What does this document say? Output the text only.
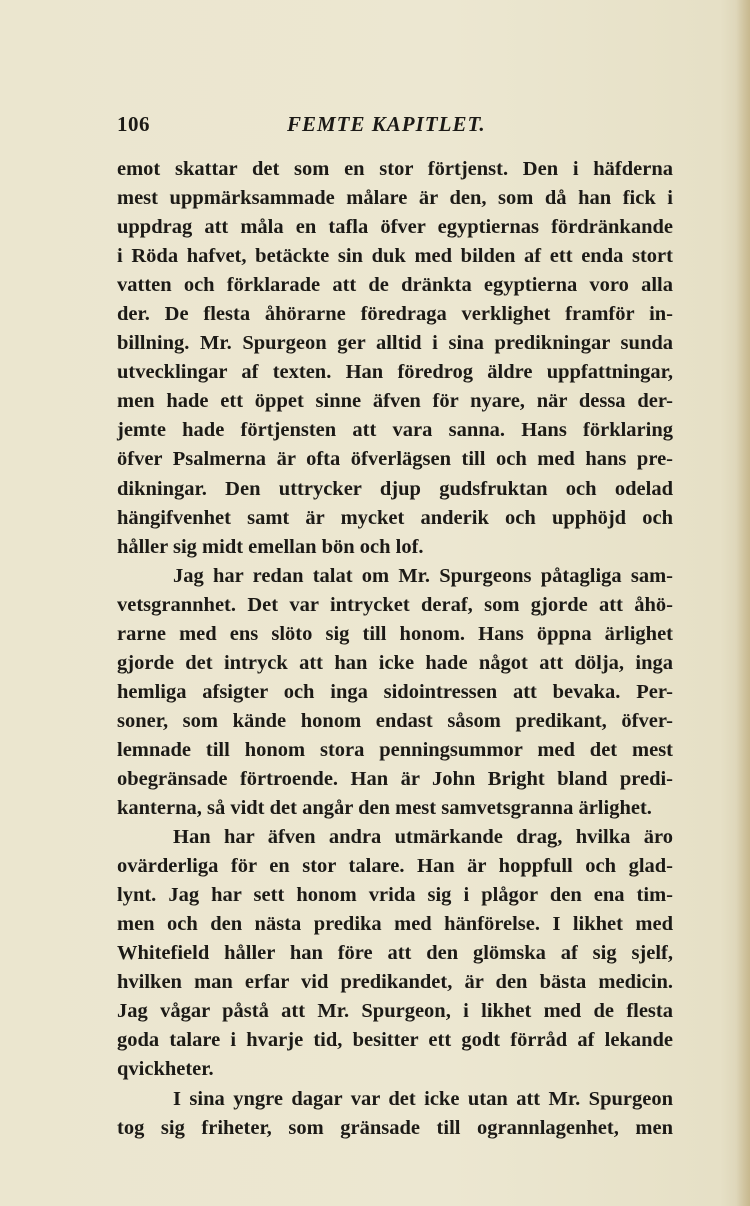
106	FEMTE KAPITLET.
emot skattar det som en stor förtjenst. Den i häfderna
mest uppmärksammade målare är den, som då han fick i
uppdrag att måla en tafla öfver egyptiernas fördränkande
i Röda hafvet, betäckte sin duk med bilden af ett enda stort
vatten och förklarade att de dränkta egyptierna voro alla
der. De flesta åhörarne föredraga verklighet framför in-
billning. Mr. Spurgeon ger alltid i sina predikningar sunda
utvecklingar af texten. Han föredrog äldre uppfattningar,
men hade ett öppet sinne äfven för nyare, när dessa der-
jemte hade förtjensten att vara sanna. Hans förklaring
öfver Psalmerna är ofta öfverlägsen till och med hans pre-
dikningar. Den uttrycker djup gudsfruktan och odelad
hängifvenhet samt är mycket anderik och upphöjd och
håller sig midt emellan bön och lof.
Jag har redan talat om Mr. Spurgeons påtagliga sam-
vetsgrannhet. Det var intrycket deraf, som gjorde att åhö-
rarne med ens slöto sig till honom. Hans öppna ärlighet
gjorde det intryck att han icke hade något att dölja, inga
hemliga afsigter och inga sidointressen att bevaka. Per-
soner, som kände honom endast såsom predikant, öfver-
lemnade till honom stora penningsummor med det mest
obegränsade förtroende. Han är John Bright bland predi-
kanterna, så vidt det angår den mest samvetsgranna ärlighet.
Han har äfven andra utmärkande drag, hvilka äro
ovärderliga för en stor talare. Han är hoppfull och glad-
lynt. Jag har sett honom vrida sig i plågor den ena tim-
men och den nästa predika med hänförelse. I likhet med
Whitefield håller han före att den glömska af sig sjelf,
hvilken man erfar vid predikandet, är den bästa medicin.
Jag vågar påstå att Mr. Spurgeon, i likhet med de flesta
goda talare i hvarje tid, besitter ett godt förråd af lekande
qvickheter.
I sina yngre dagar var det icke utan att Mr. Spurgeon
tog sig friheter, som gränsade till ogrannlagenhet, men
